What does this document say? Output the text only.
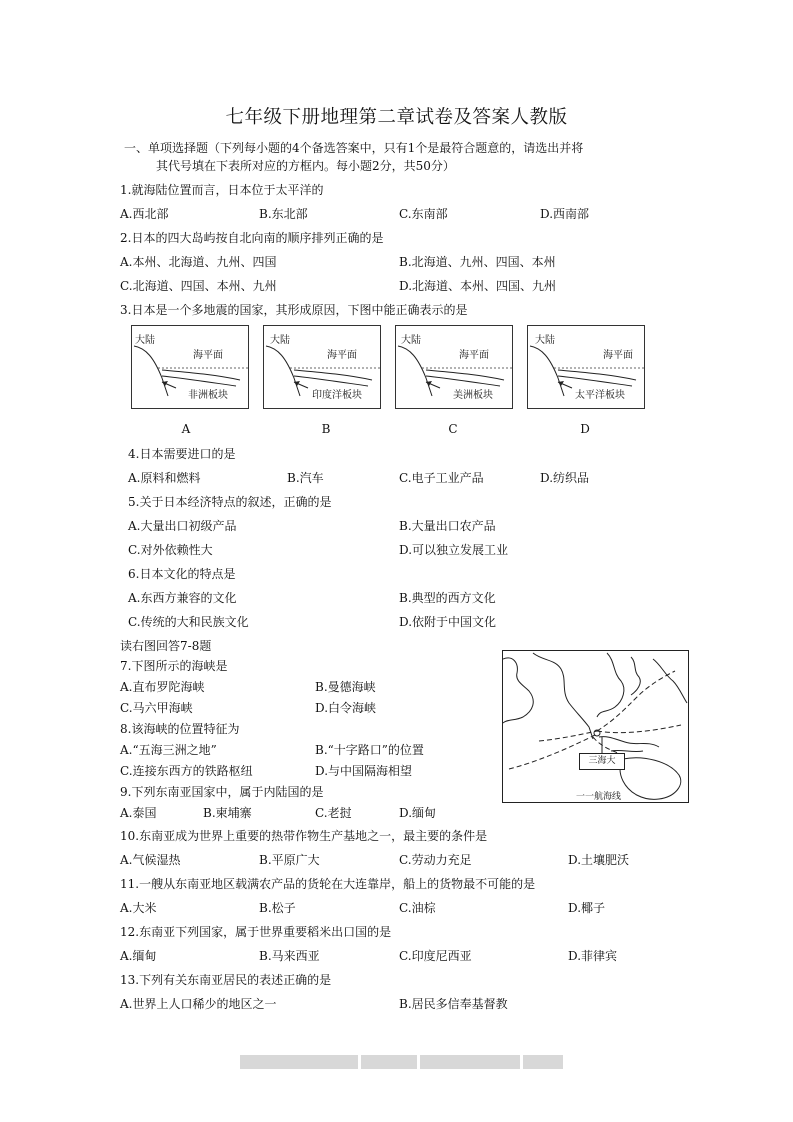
七年级下册地理第二章试卷及答案人教版
一、单项选择题（下列每小题的4个备选答案中，只有1个是最符合题意的，请选出并将
其代号填在下表所对应的方框内。每小题2分，共50分）
1.就海陆位置而言，日本位于太平洋的
A.西北部	B.东北部	C.东南部	D.西南部
2.日本的四大岛屿按自北向南的顺序排列正确的是
A.本州、北海道、九州、四国	B.北海道、九州、四国、本州
C.北海道、四国、本州、九州	D.北海道、本州、四国、九州
3.日本是一个多地震的国家，其形成原因，下图中能正确表示的是
大陆
海平面
非洲板块
大陆
海平面
印度洋板块
大陆
海平面
美洲板块
大陆
海平面
太平洋板块
A	B	C	D
4.日本需要进口的是
A.原料和燃料	B.汽车	C.电子工业产品	D.纺织品
5.关于日本经济特点的叙述，正确的是
A.大量出口初级产品	B.大量出口农产品
C.对外依赖性大	D.可以独立发展工业
6.日本文化的特点是
A.东西方兼容的文化	B.典型的西方文化
C.传统的大和民族文化	D.依附于中国文化
读右图回答7-8题
7.下图所示的海峡是
A.直布罗陀海峡	B.曼德海峡
C.马六甲海峡	D.白令海峡
8.该海峡的位置特征为
A.“五海三洲之地”	B.“十字路口”的位置
C.连接东西方的铁路枢纽	D.与中国隔海相望
9.下列东南亚国家中，属于内陆国的是
A.泰国	B.柬埔寨	C.老挝	D.缅甸
三海大
一一航海线
10.东南亚成为世界上重要的热带作物生产基地之一，最主要的条件是
A.气候湿热	B.平原广大	C.劳动力充足	D.土壤肥沃
11.一艘从东南亚地区载满农产品的货轮在大连靠岸，船上的货物最不可能的是
A.大米	B.松子	C.油棕	D.椰子
12.东南亚下列国家，属于世界重要稻米出口国的是
A.缅甸	B.马来西亚	C.印度尼西亚	D.菲律宾
13.下列有关东南亚居民的表述正确的是
A.世界上人口稀少的地区之一	B.居民多信奉基督教
